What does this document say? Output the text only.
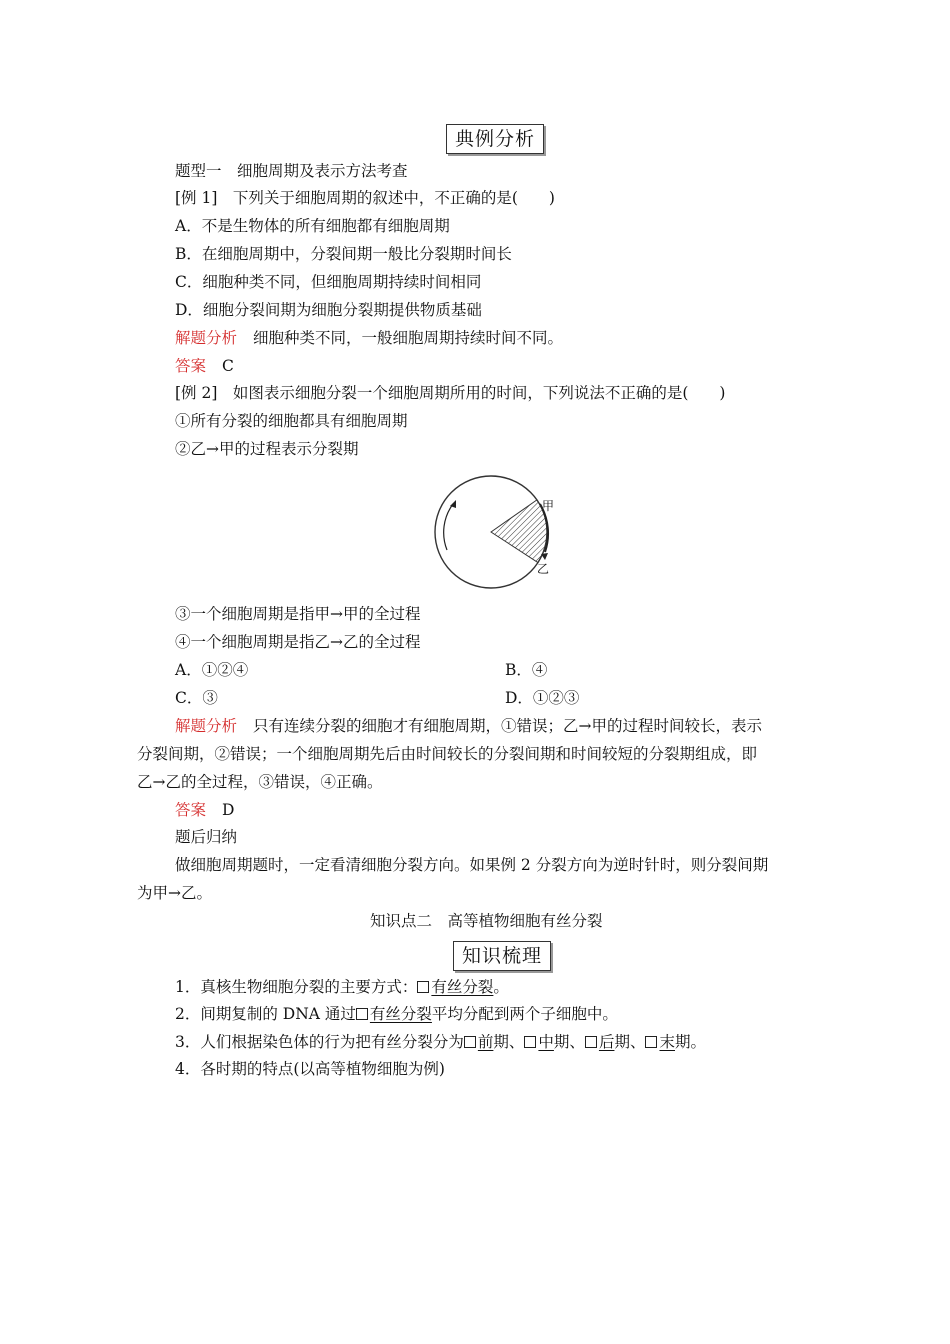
典例分析
题型一　细胞周期及表示方法考查
[例 1]　下列关于细胞周期的叙述中，不正确的是(　　)
A．不是生物体的所有细胞都有细胞周期
B．在细胞周期中，分裂间期一般比分裂期时间长
C．细胞种类不同，但细胞周期持续时间相同
D．细胞分裂间期为细胞分裂期提供物质基础
解题分析 细胞种类不同，一般细胞周期持续时间不同。
答案 C
[例 2]　如图表示细胞分裂一个细胞周期所用的时间，下列说法不正确的是(　　)
①所有分裂的细胞都具有细胞周期
②乙→甲的过程表示分裂期
甲
乙
③一个细胞周期是指甲→甲的全过程
④一个细胞周期是指乙→乙的全过程
A．①②④	B．④
C．③	D．①②③
解题分析 只有连续分裂的细胞才有细胞周期，①错误；乙→甲的过程时间较长，表示
分裂间期，②错误；一个细胞周期先后由时间较长的分裂间期和时间较短的分裂期组成，即
乙→乙的全过程，③错误，④正确。
答案 D
题后归纳
做细胞周期题时，一定看清细胞分裂方向。如果例 2 分裂方向为逆时针时，则分裂间期
为甲→乙。
知识点二　高等植物细胞有丝分裂
知识梳理
1．真核生物细胞分裂的主要方式： 有丝分裂。
2．间期复制的 DNA 通过 有丝分裂平均分配到两个子细胞中。
3．人们根据染色体的行为把有丝分裂分为 前期、 中期、 后期、 末期。
4．各时期的特点(以高等植物细胞为例)
